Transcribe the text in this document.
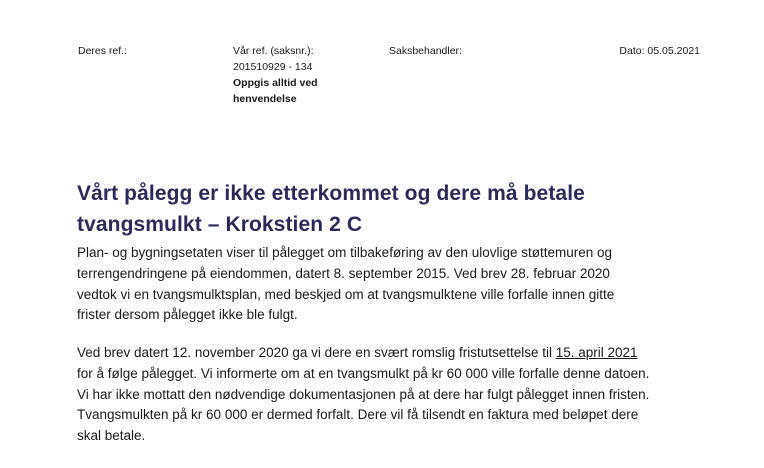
Deres ref.:	Vår ref. (saksnr.):
201510929 - 134
Oppgis alltid ved
henvendelse
Saksbehandler:	Dato: 05.05.2021
Vårt pålegg er ikke etterkommet og dere må betale
tvangsmulkt – Krokstien 2 C

Plan- og bygningsetaten viser til pålegget om tilbakeføring av den ulovlige støttemuren og
terrengendringene på eiendommen, datert 8. september 2015. Ved brev 28. februar 2020
vedtok vi en tvangsmulktsplan, med beskjed om at tvangsmulktene ville forfalle innen gitte
frister dersom pålegget ikke ble fulgt.

Ved brev datert 12. november 2020 ga vi dere en svært romslig fristutsettelse til 15. april 2021
for å følge pålegget. Vi informerte om at en tvangsmulkt på kr 60 000 ville forfalle denne datoen.
Vi har ikke mottatt den nødvendige dokumentasjonen på at dere har fulgt pålegget innen fristen.
Tvangsmulkten på kr 60 000 er dermed forfalt. Dere vil få tilsendt en faktura med beløpet dere
skal betale.
